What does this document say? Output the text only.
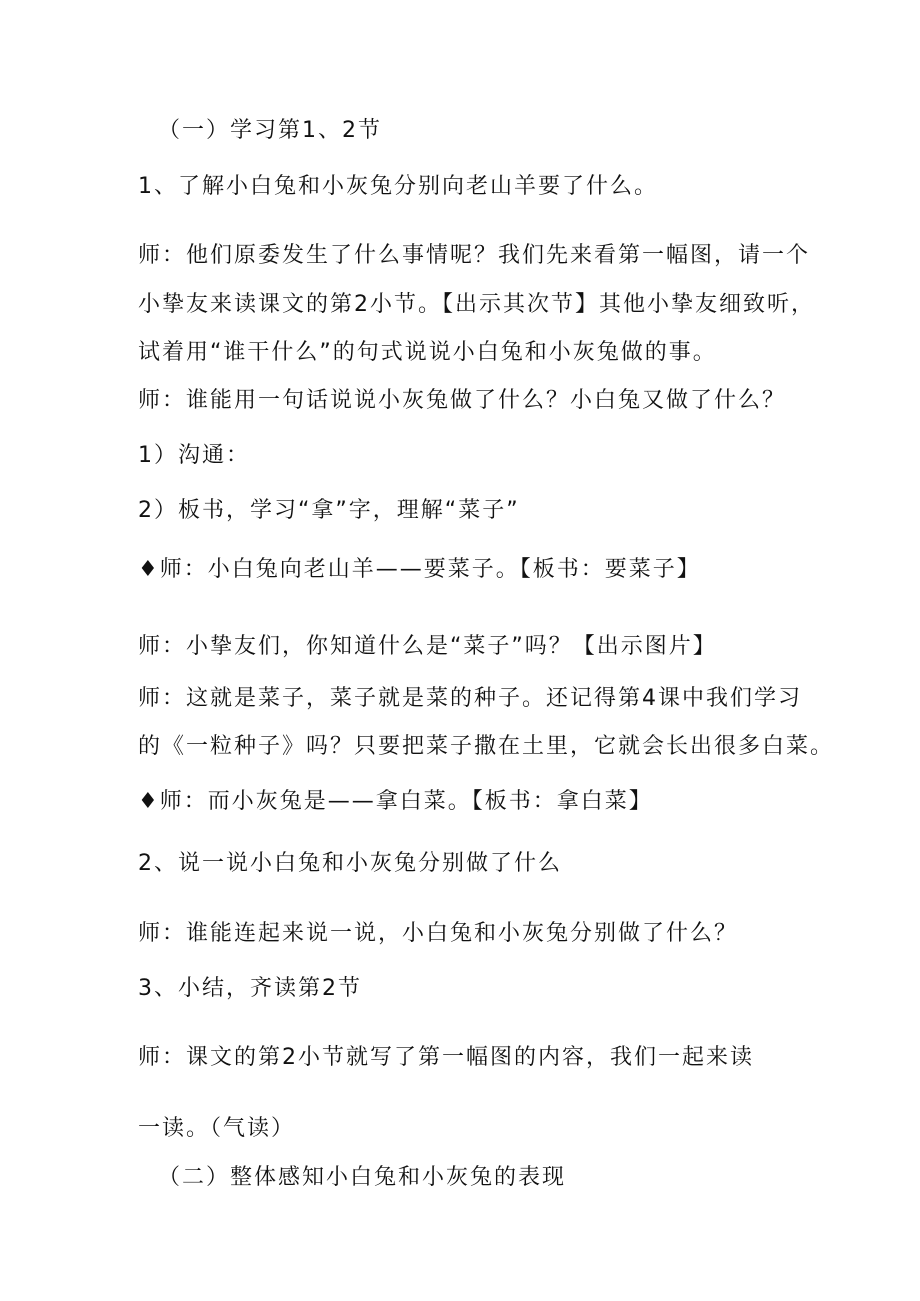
（一）学习第1、2节
1、了解小白兔和小灰兔分别向老山羊要了什么。
师：他们原委发生了什么事情呢？我们先来看第一幅图，请一个
小挚友来读课文的第2小节。【出示其次节】其他小挚友细致听，
试着用“谁干什么”的句式说说小白兔和小灰兔做的事。
师：谁能用一句话说说小灰兔做了什么？小白兔又做了什么？
1）沟通：
2）板书，学习“拿”字，理解“菜子”
♦师：小白兔向老山羊——要菜子。【板书：要菜子】
师：小挚友们，你知道什么是“菜子”吗？【出示图片】
师：这就是菜子，菜子就是菜的种子。还记得第4课中我们学习
的《一粒种子》吗？只要把菜子撒在土里，它就会长出很多白菜。
♦师：而小灰兔是——拿白菜。【板书：拿白菜】
2、说一说小白兔和小灰兔分别做了什么
师：谁能连起来说一说，小白兔和小灰兔分别做了什么？
3、小结，齐读第2节
师：课文的第2小节就写了第一幅图的内容，我们一起来读
一读。（气读）
（二）整体感知小白兔和小灰兔的表现
